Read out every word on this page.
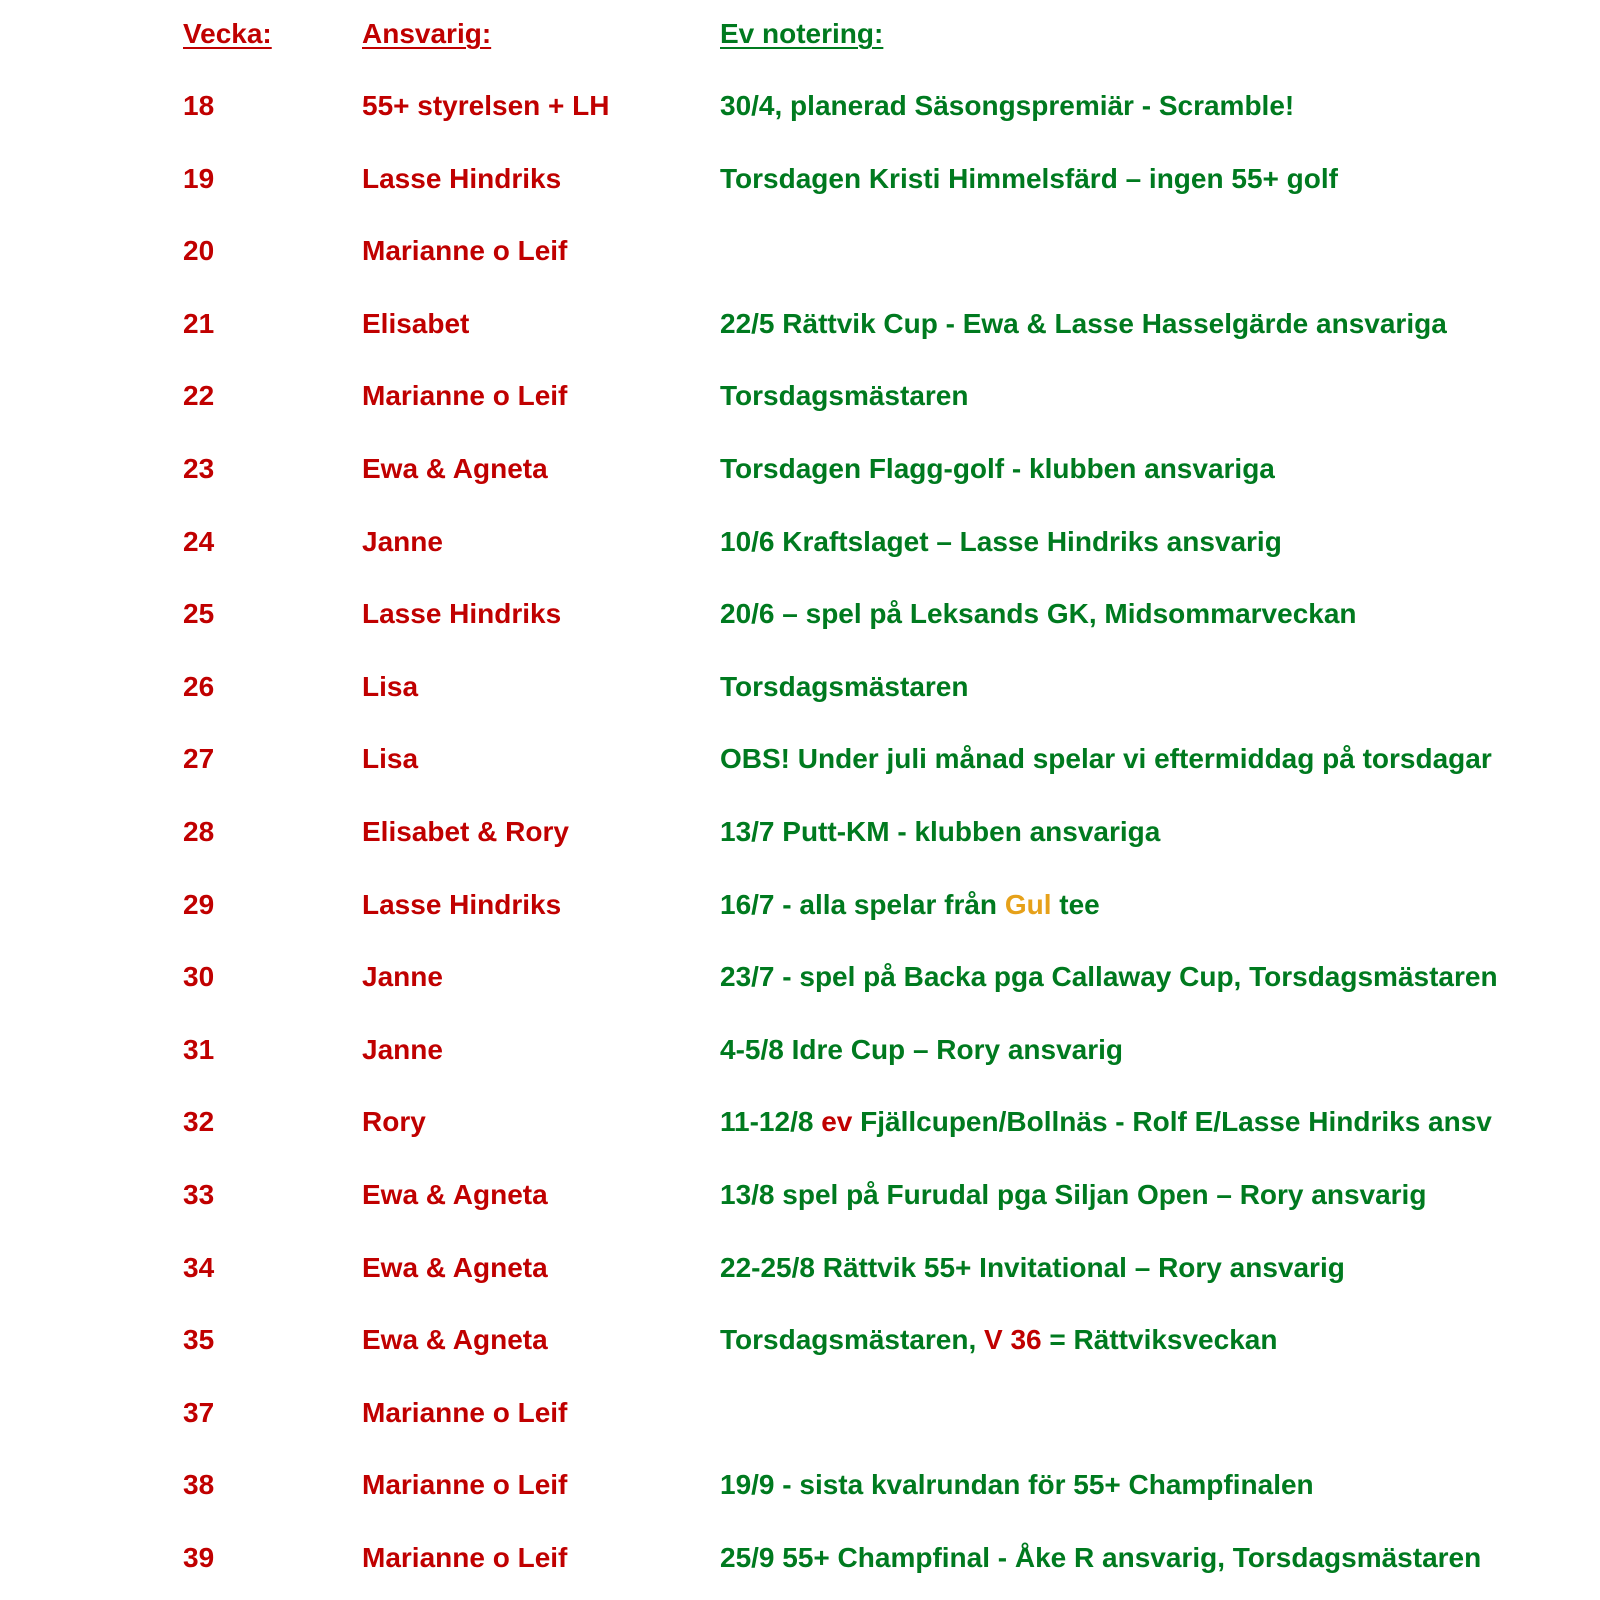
Vecka:	Ansvarig:	Ev notering:
18	55+ styrelsen + LH	30/4, planerad Säsongspremiär - Scramble!
19	Lasse Hindriks	Torsdagen Kristi Himmelsfärd – ingen 55+ golf
20	Marianne o Leif
21	Elisabet	22/5 Rättvik Cup - Ewa & Lasse Hasselgärde ansvariga
22	Marianne o Leif	Torsdagsmästaren
23	Ewa & Agneta	Torsdagen Flagg-golf - klubben ansvariga
24	Janne	10/6 Kraftslaget – Lasse Hindriks ansvarig
25	Lasse Hindriks	20/6 – spel på Leksands GK, Midsommarveckan
26	Lisa	Torsdagsmästaren
27	Lisa	OBS! Under juli månad spelar vi eftermiddag på torsdagar
28	Elisabet & Rory	13/7 Putt-KM - klubben ansvariga
29	Lasse Hindriks	16/7 - alla spelar från Gul tee
30	Janne	23/7 - spel på Backa pga Callaway Cup, Torsdagsmästaren
31	Janne	4-5/8 Idre Cup – Rory ansvarig
32	Rory	11-12/8 ev Fjällcupen/Bollnäs - Rolf E/Lasse Hindriks ansv
33	Ewa & Agneta	13/8 spel på Furudal pga Siljan Open – Rory ansvarig
34	Ewa & Agneta	22-25/8 Rättvik 55+ Invitational – Rory ansvarig
35	Ewa & Agneta	Torsdagsmästaren, V 36 = Rättviksveckan
37	Marianne o Leif
38	Marianne o Leif	19/9 - sista kvalrundan för 55+ Champfinalen
39	Marianne o Leif	25/9 55+ Champfinal - Åke R ansvarig, Torsdagsmästaren
